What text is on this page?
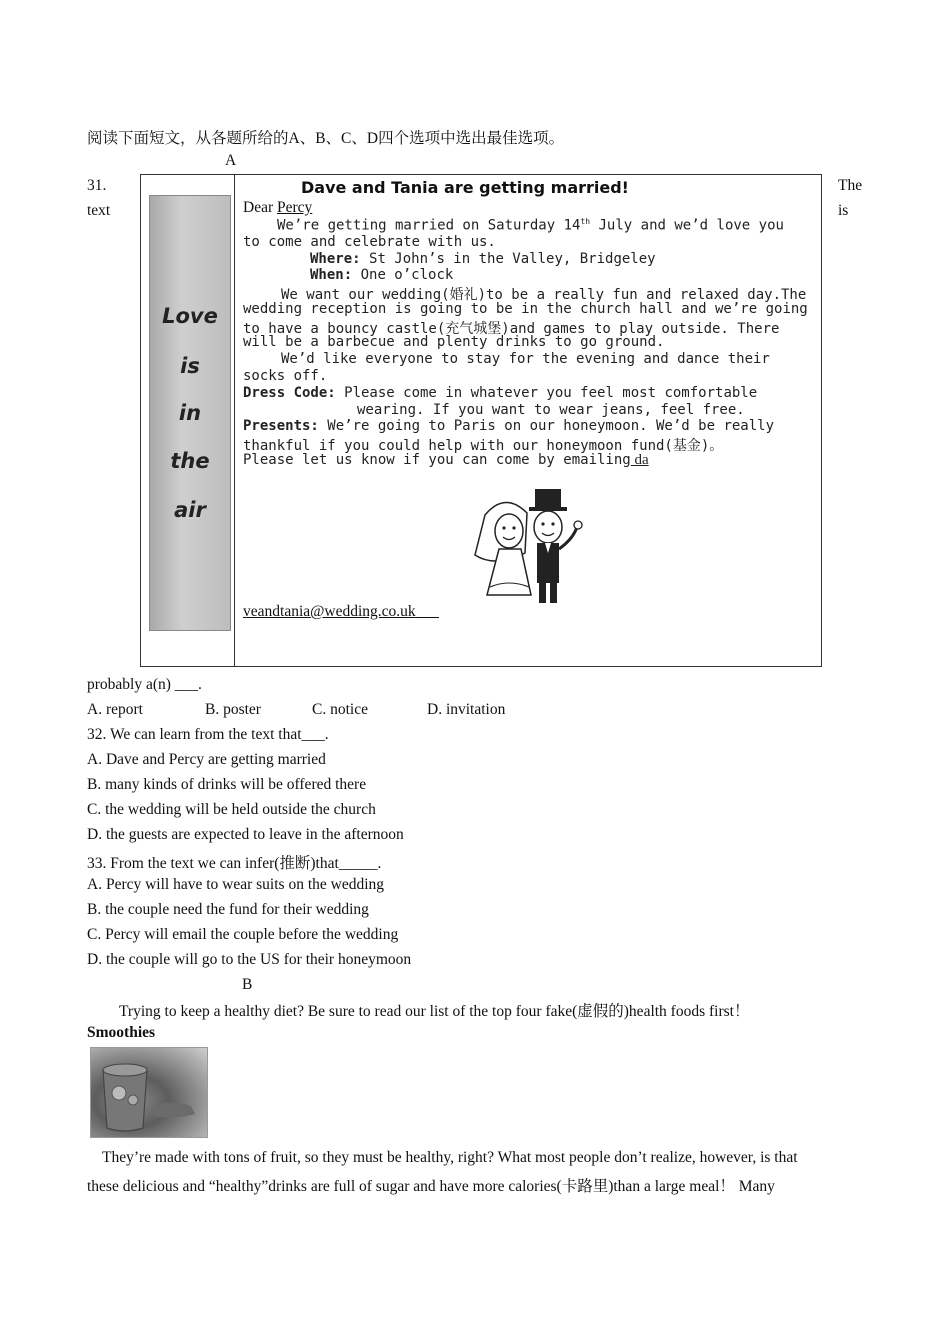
阅读下面短文，从各题所给的A、B、C、D四个选项中选出最佳选项。
A
31.
text
The
is
Love
is
in
the
air
Dave and Tania are getting married!
Dear Percy
We’re getting married on Saturday 14th July and we’d love you
to come and celebrate with us.
Where: St John’s in the Valley, Bridgeley
When: One o’clock
We want our wedding(婚礼)to be a really fun and relaxed day.The
wedding reception is going to be in the church hall and we’re going
to have a bouncy castle(充气城堡)and games to play outside. There
will be a barbecue and plenty drinks to go ground.
We’d like everyone to stay for the evening and dance their
socks off.
Dress Code: Please come in whatever you feel most comfortable
wearing. If you want to wear jeans, feel free.
Presents: We’re going to Paris on our honeymoon. We’d be really
thankful if you could help with our honeymoon fund(基金)。
Please let us know if you can come by emailing da
veandtania@wedding.co.uk
probably a(n) ___.
A. report	B. poster	C. notice	D. invitation
32. We can learn from the text that___.
A. Dave and Percy are getting married
B. many kinds of drinks will be offered there
C. the wedding will be held outside the church
D. the guests are expected to leave in the afternoon
33. From the text we can infer(推断)that_____.
A. Percy will have to wear suits on the wedding
B. the couple need the fund for their wedding
C. Percy will email the couple before the wedding
D. the couple will go to the US for their honeymoon
B
Trying to keep a healthy diet? Be sure to read our list of the top four fake(虚假的)health foods first！
Smoothies
They’re made with tons of fruit, so they must be healthy, right? What most people don’t realize, however, is that
these delicious and “healthy”drinks are full of sugar and have more calories(卡路里)than a large meal！ Many
